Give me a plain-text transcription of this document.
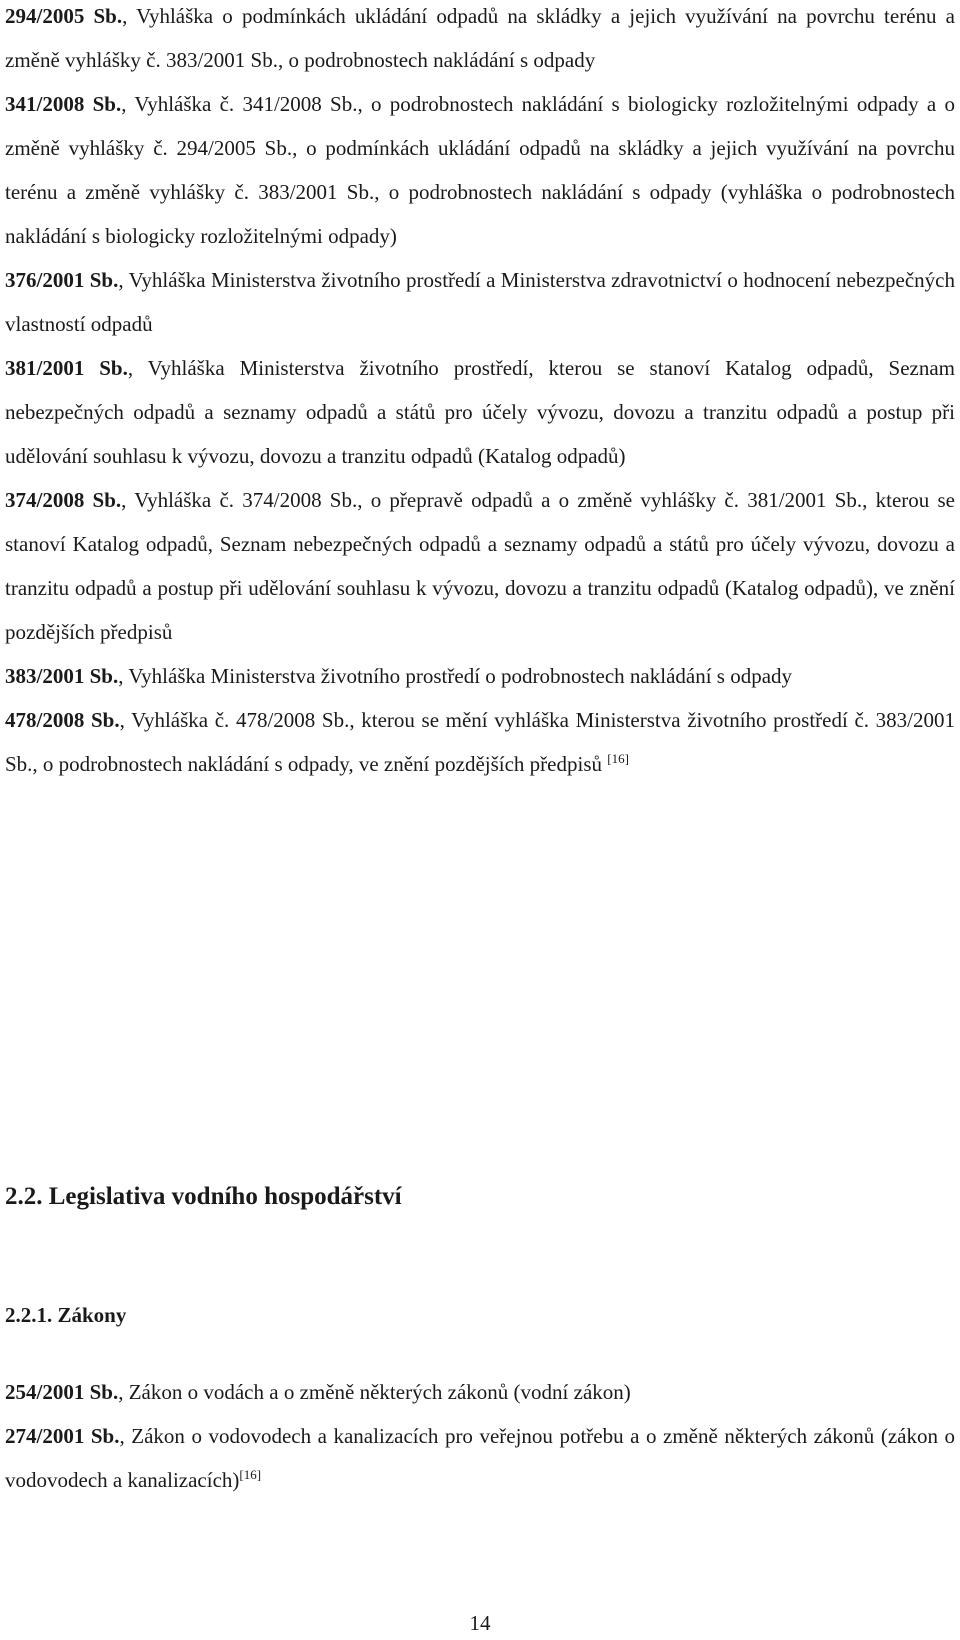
294/2005 Sb., Vyhláška o podmínkách ukládání odpadů na skládky a jejich využívání na povrchu terénu a změně vyhlášky č. 383/2001 Sb., o podrobnostech nakládání s odpady

341/2008 Sb., Vyhláška č. 341/2008 Sb., o podrobnostech nakládání s biologicky rozložitelnými odpady a o změně vyhlášky č. 294/2005 Sb., o podmínkách ukládání odpadů na skládky a jejich využívání na povrchu terénu a změně vyhlášky č. 383/2001 Sb., o podrobnostech nakládání s odpady (vyhláška o podrobnostech nakládání s biologicky rozložitelnými odpady)

376/2001 Sb., Vyhláška Ministerstva životního prostředí a Ministerstva zdravotnictví o hodnocení nebezpečných vlastností odpadů

381/2001 Sb., Vyhláška Ministerstva životního prostředí, kterou se stanoví Katalog odpadů, Seznam nebezpečných odpadů a seznamy odpadů a států pro účely vývozu, dovozu a tranzitu odpadů a postup při udělování souhlasu k vývozu, dovozu a tranzitu odpadů (Katalog odpadů)

374/2008 Sb., Vyhláška č. 374/2008 Sb., o přepravě odpadů a o změně vyhlášky č. 381/2001 Sb., kterou se stanoví Katalog odpadů, Seznam nebezpečných odpadů a seznamy odpadů a států pro účely vývozu, dovozu a tranzitu odpadů a postup při udělování souhlasu k vývozu, dovozu a tranzitu odpadů (Katalog odpadů), ve znění pozdějších předpisů

383/2001 Sb., Vyhláška Ministerstva životního prostředí o podrobnostech nakládání s odpady

478/2008 Sb., Vyhláška č. 478/2008 Sb., kterou se mění vyhláška Ministerstva životního prostředí č. 383/2001 Sb., o podrobnostech nakládání s odpady, ve znění pozdějších předpisů [16]

2.2. Legislativa vodního hospodářství
2.2.1. Zákony

254/2001 Sb., Zákon o vodách a o změně některých zákonů (vodní zákon)

274/2001 Sb., Zákon o vodovodech a kanalizacích pro veřejnou potřebu a o změně některých zákonů (zákon o vodovodech a kanalizacích)[16]

14
